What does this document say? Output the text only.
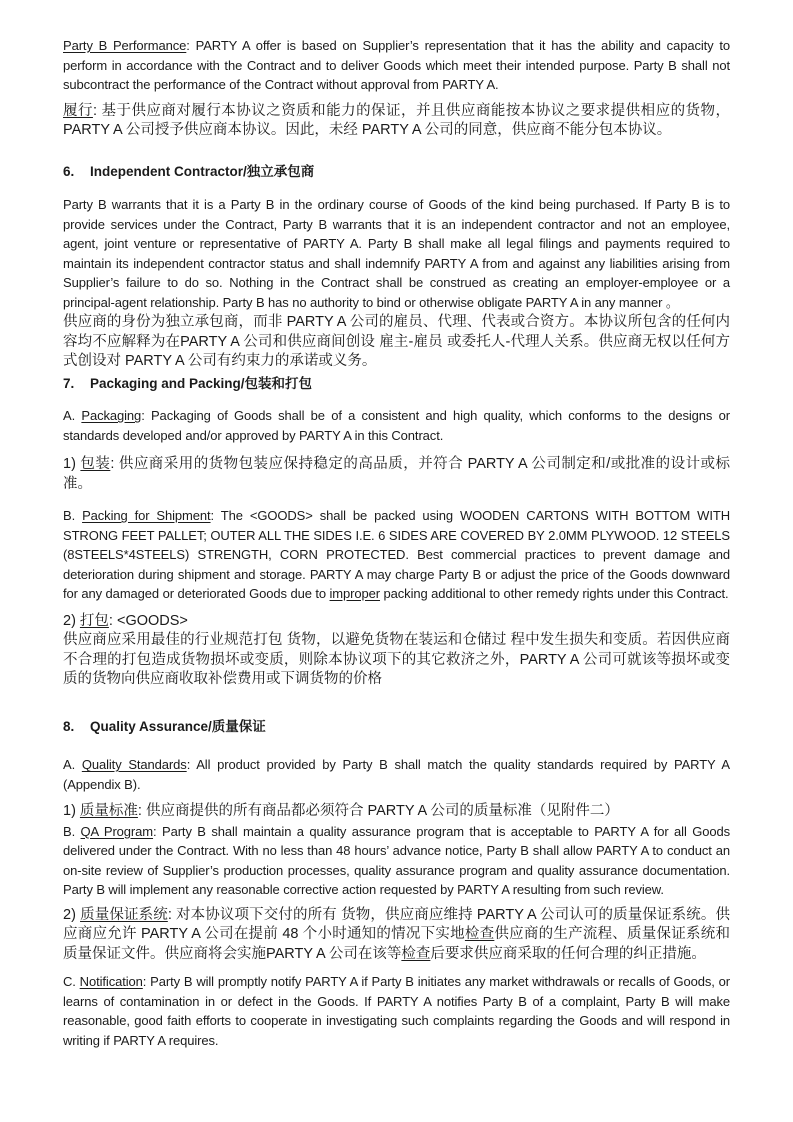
Party B Performance: PARTY A offer is based on Supplier’s representation that it has the ability and capacity to perform in accordance with the Contract and to deliver Goods which meet their intended purpose. Party B shall not subcontract the performance of the Contract without approval from PARTY A.

履行: 基于供应商对履行本协议之资质和能力的保证，并且供应商能按本协议之要求提供相应的货物，PARTY A 公司授予供应商本协议。因此，未经 PARTY A 公司的同意，供应商不能分包本协议。

6. Independent Contractor/独立承包商

Party B warrants that it is a Party B in the ordinary course of Goods of the kind being purchased. If Party B is to provide services under the Contract, Party B warrants that it is an independent contractor and not an employee, agent, joint venture or representative of PARTY A. Party B shall make all legal filings and payments required to maintain its independent contractor status and shall indemnify PARTY A from and against any liabilities arising from Supplier’s failure to do so. Nothing in the Contract shall be construed as creating an employer-employee or a principal-agent relationship. Party B has no authority to bind or otherwise obligate PARTY A in any manner 。

供应商的身份为独立承包商，而非 PARTY A 公司的雇员、代理、代表或合资方。本协议所包含的任何内容均不应解释为在PARTY A 公司和供应商间创设 雇主-雇员 或委托人-代理人关系。供应商无权以任何方式创设对 PARTY A 公司有约束力的承诺或义务。

7. Packaging and Packing/包装和打包

A. Packaging: Packaging of Goods shall be of a consistent and high quality, which conforms to the designs or standards developed and/or approved by PARTY A in this Contract.

1) 包装: 供应商采用的货物包装应保持稳定的高品质，并符合 PARTY A 公司制定和/或批准的设计或标准。

B. Packing for Shipment: The <GOODS> shall be packed using WOODEN CARTONS WITH BOTTOM WITH STRONG FEET PALLET; OUTER ALL THE SIDES I.E. 6 SIDES ARE COVERED BY 2.0MM PLYWOOD. 12 STEELS (8STEELS*4STEELS) STRENGTH, CORN PROTECTED. Best commercial practices to prevent damage and deterioration during shipment and storage. PARTY A may charge Party B or adjust the price of the Goods downward for any damaged or deteriorated Goods due to improper packing additional to other remedy rights under this Contract.

2) 打包: <GOODS>
供应商应采用最佳的行业规范打包 货物，以避免货物在装运和仓储过 程中发生损失和变质。若因供应商不合理的打包造成货物损坏或变质，则除本协议项下的其它救济之外，PARTY A 公司可就该等损坏或变质的货物向供应商收取补偿费用或下调货物的价格

8. Quality Assurance/质量保证

A. Quality Standards: All product provided by Party B shall match the quality standards required by PARTY A (Appendix B).

1) 质量标准: 供应商提供的所有商品都必须符合 PARTY A 公司的质量标准（见附件二）

B. QA Program: Party B shall maintain a quality assurance program that is acceptable to PARTY A for all Goods delivered under the Contract. With no less than 48 hours’ advance notice, Party B shall allow PARTY A to conduct an on-site review of Supplier’s production processes, quality assurance program and quality assurance documentation. Party B will implement any reasonable corrective action requested by PARTY A resulting from such review.

2) 质量保证系统: 对本协议项下交付的所有 货物，供应商应维持 PARTY A 公司认可的质量保证系统。供应商应允许 PARTY A 公司在提前 48 个小时通知的情况下实地检查供应商的生产流程、质量保证系统和质量保证文件。供应商将会实施PARTY A 公司在该等检查后要求供应商采取的任何合理的纠正措施。

C. Notification: Party B will promptly notify PARTY A if Party B initiates any market withdrawals or recalls of Goods, or learns of contamination in or defect in the Goods. If PARTY A notifies Party B of a complaint, Party B will make reasonable, good faith efforts to cooperate in investigating such complaints regarding the Goods and will respond in writing if PARTY A requires.
